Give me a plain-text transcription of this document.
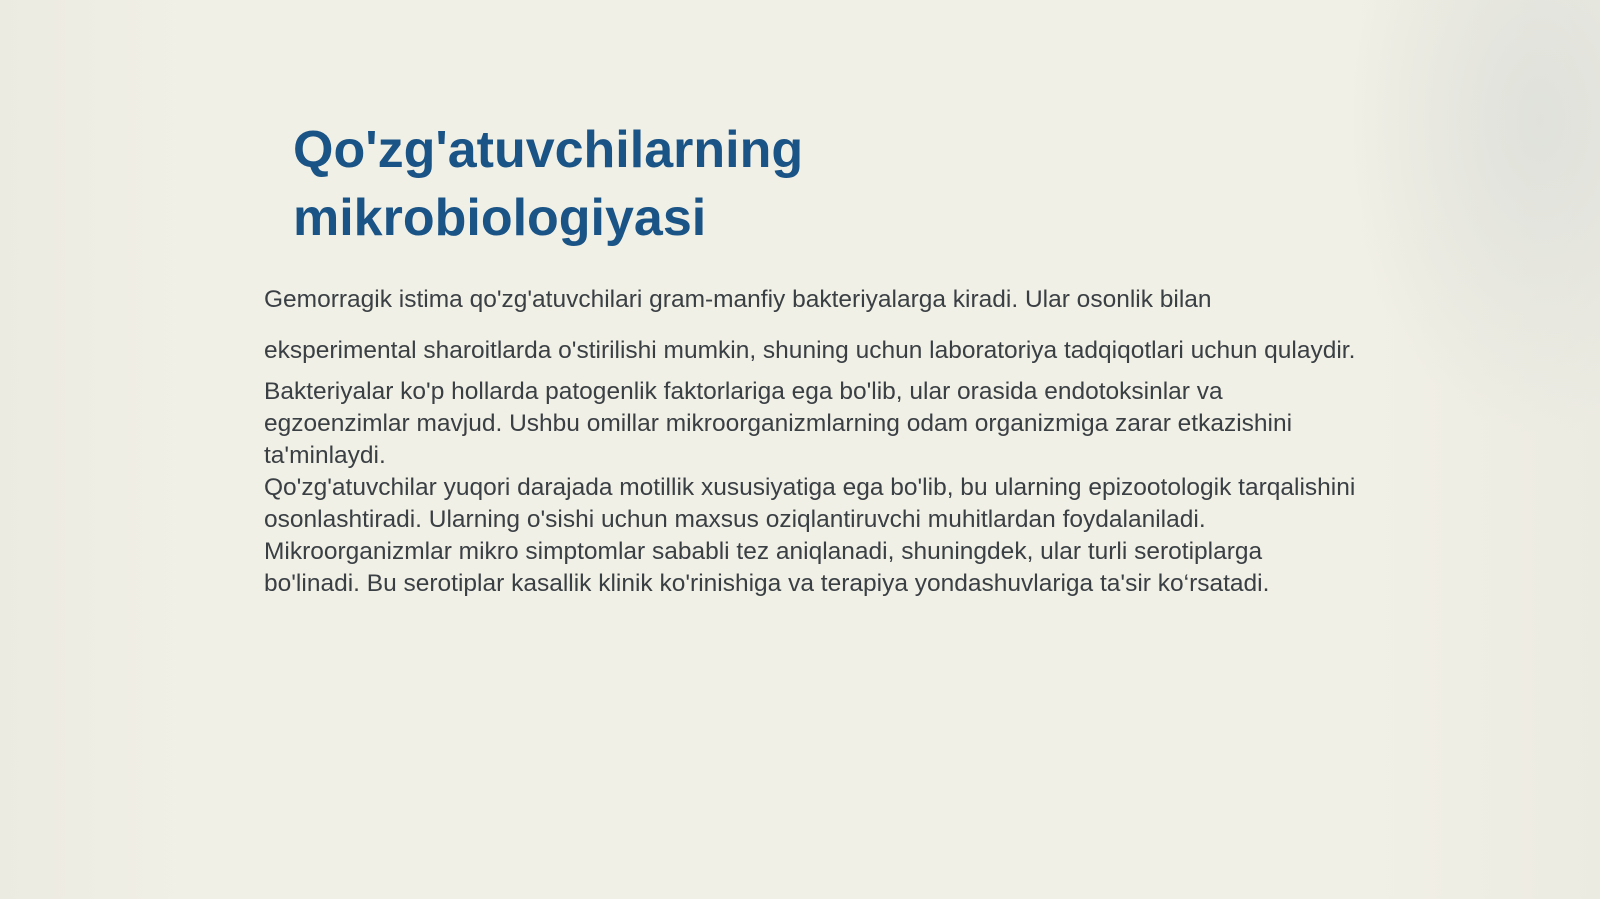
Qo'zg'atuvchilarning
mikrobiologiyasi

Gemorragik istima qo'zg'atuvchilari gram-manfiy bakteriyalarga kiradi. Ular osonlik bilan eksperimental sharoitlarda o'stirilishi mumkin, shuning uchun laboratoriya tadqiqotlari uchun qulaydir.

Bakteriyalar ko'p hollarda patogenlik faktorlariga ega bo'lib, ular orasida endotoksinlar va egzoenzimlar mavjud. Ushbu omillar mikroorganizmlarning odam organizmiga zarar etkazishini ta'minlaydi.

Qo'zg'atuvchilar yuqori darajada motillik xususiyatiga ega bo'lib, bu ularning epizootologik tarqalishini osonlashtiradi. Ularning o'sishi uchun maxsus oziqlantiruvchi muhitlardan foydalaniladi.

Mikroorganizmlar mikro simptomlar sababli tez aniqlanadi, shuningdek, ular turli serotiplarga bo'linadi. Bu serotiplar kasallik klinik ko'rinishiga va terapiya yondashuvlariga ta'sir ko‘rsatadi.
